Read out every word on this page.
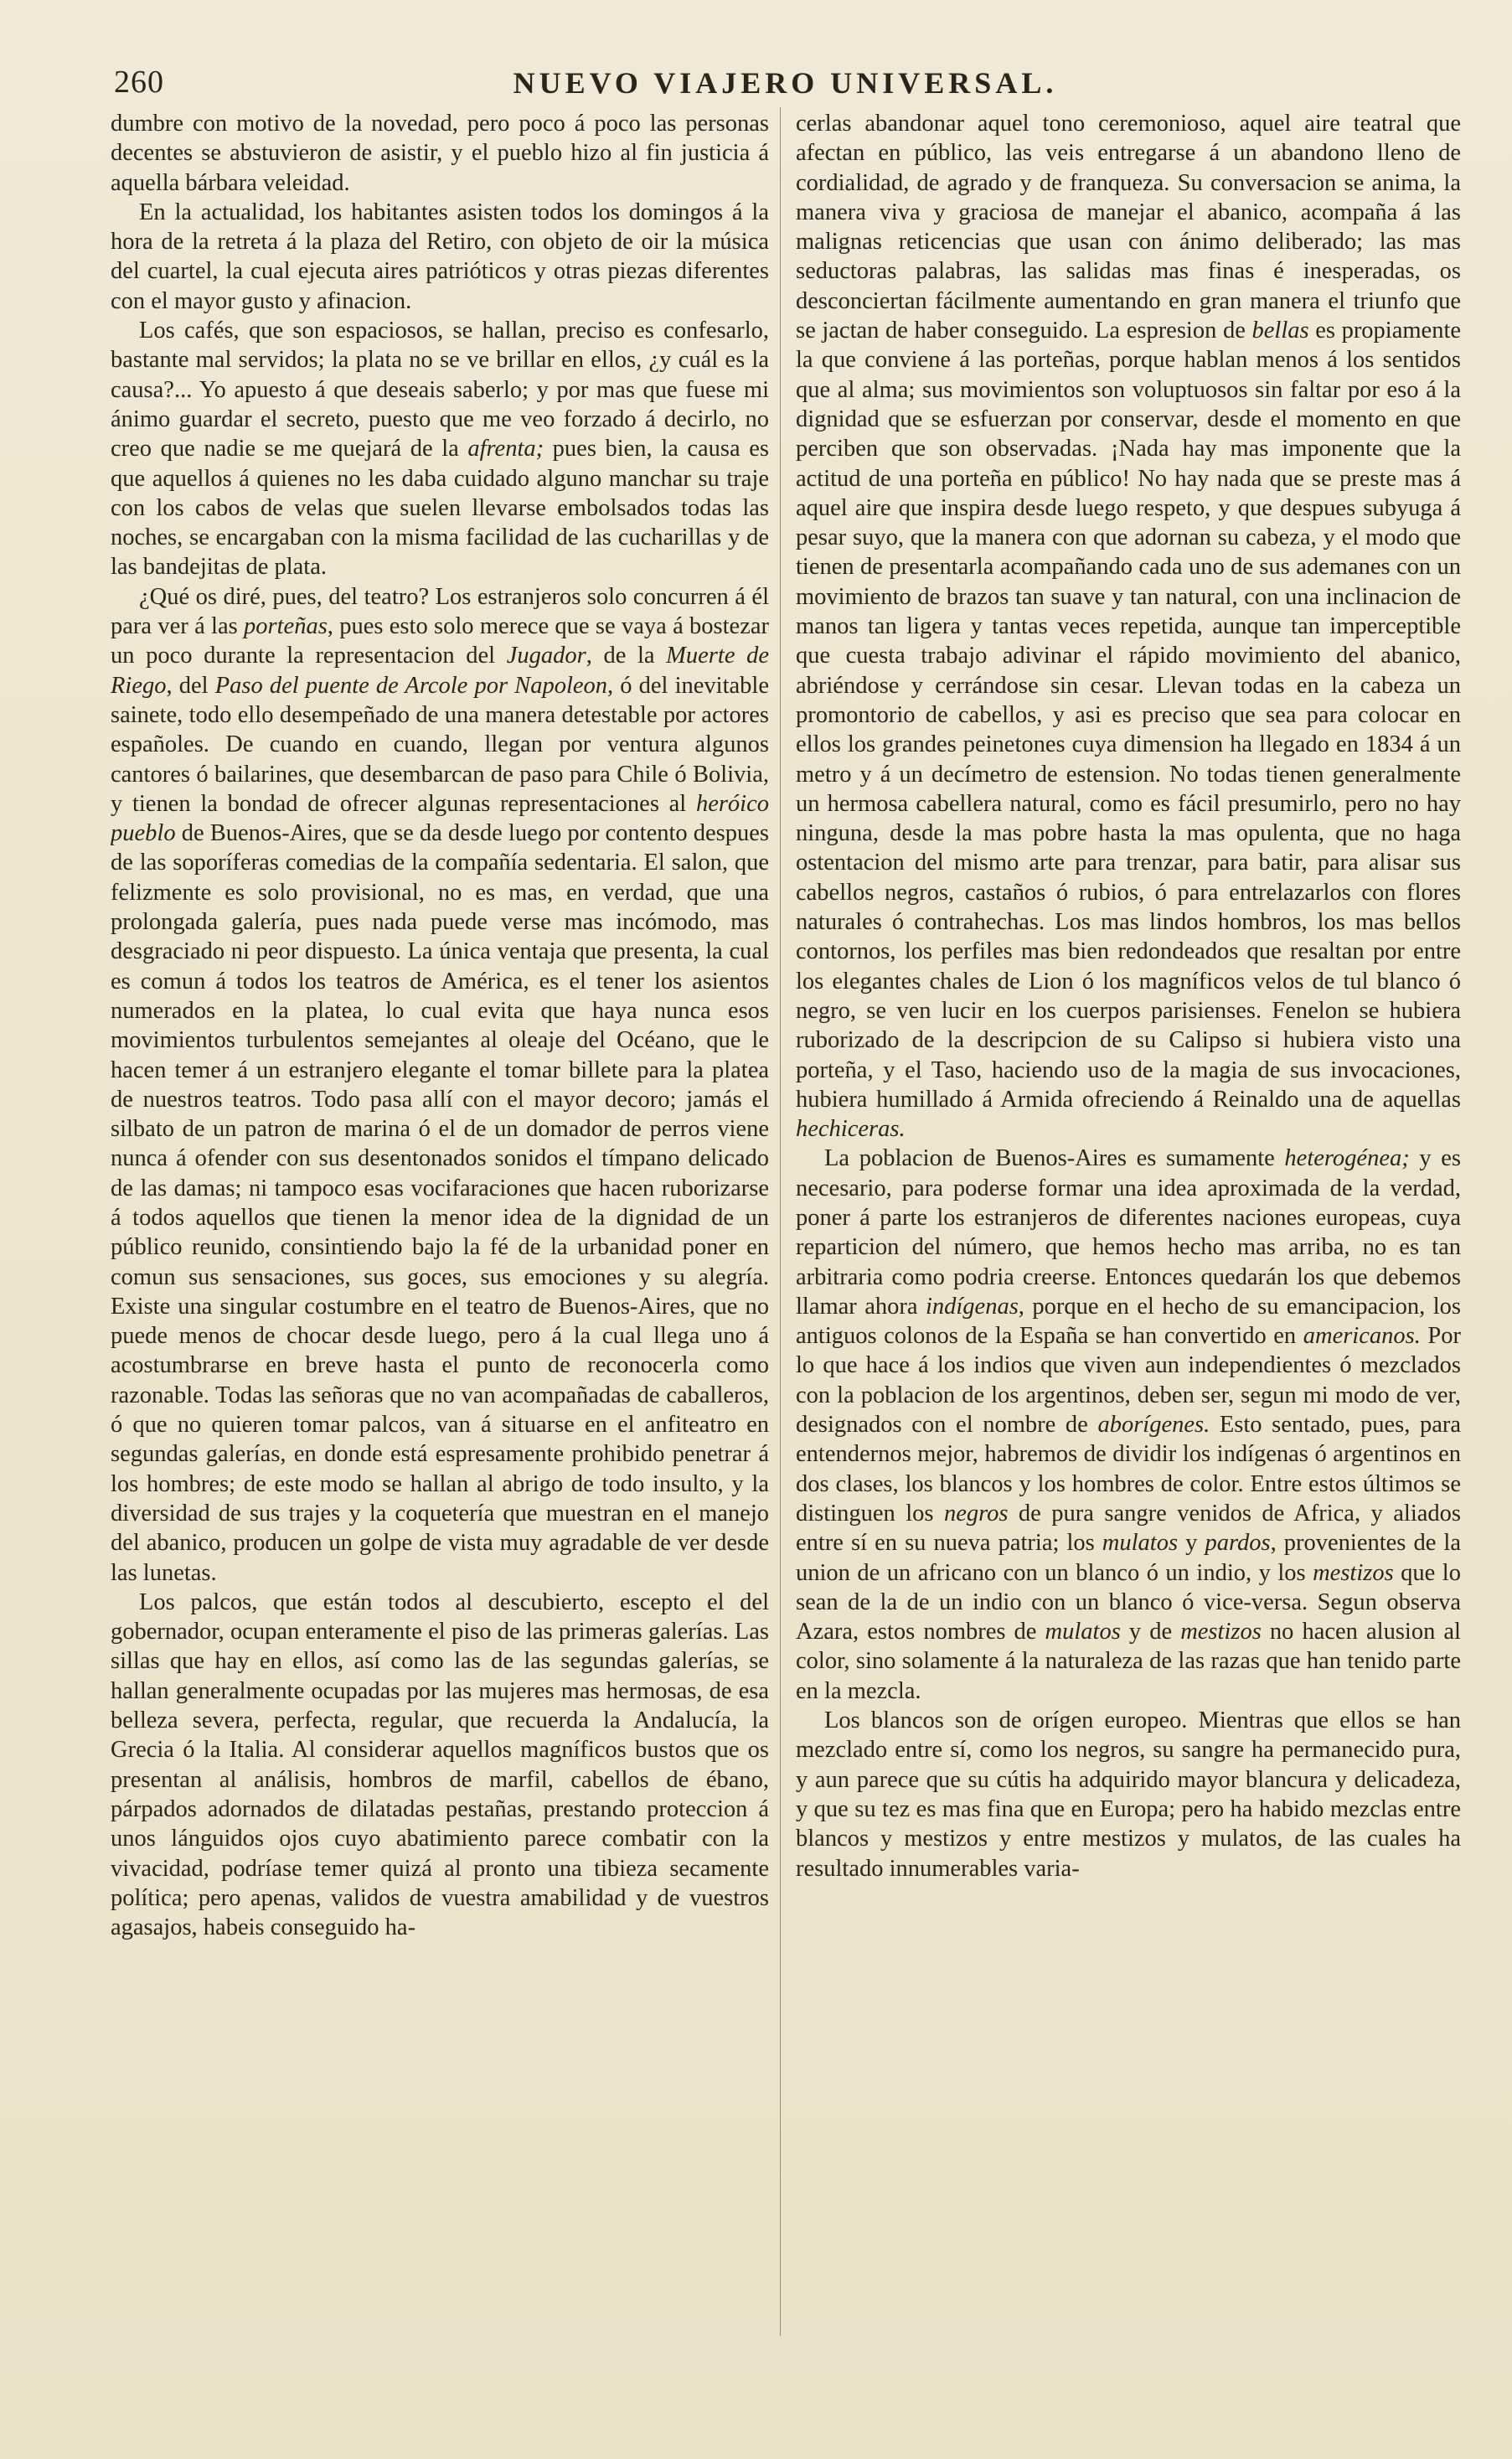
260	NUEVO VIAJERO UNIVERSAL.

dumbre con motivo de la novedad, pero poco á poco las personas decentes se abstuvieron de asistir, y el pueblo hizo al fin justicia á aquella bárbara veleidad.

En la actualidad, los habitantes asisten todos los domingos á la hora de la retreta á la plaza del Retiro, con objeto de oir la música del cuartel, la cual ejecuta aires patrióticos y otras piezas diferentes con el mayor gusto y afinacion.

Los cafés, que son espaciosos, se hallan, preciso es confesarlo, bastante mal servidos; la plata no se ve brillar en ellos, ¿y cuál es la causa?... Yo apuesto á que deseais saberlo; y por mas que fuese mi ánimo guardar el secreto, puesto que me veo forzado á decirlo, no creo que nadie se me quejará de la afrenta; pues bien, la causa es que aquellos á quienes no les daba cuidado alguno manchar su traje con los cabos de velas que suelen llevarse embolsados todas las noches, se encargaban con la misma facilidad de las cucharillas y de las bandejitas de plata.

¿Qué os diré, pues, del teatro? Los estranjeros solo concurren á él para ver á las porteñas, pues esto solo merece que se vaya á bostezar un poco durante la representacion del Jugador, de la Muerte de Riego, del Paso del puente de Arcole por Napoleon, ó del inevitable sainete, todo ello desempeñado de una manera detestable por actores españoles. De cuando en cuando, llegan por ventura algunos cantores ó bailarines, que desembarcan de paso para Chile ó Bolivia, y tienen la bondad de ofrecer algunas representaciones al heróico pueblo de Buenos-Aires, que se da desde luego por contento despues de las soporíferas comedias de la compañía sedentaria. El salon, que felizmente es solo provisional, no es mas, en verdad, que una prolongada galería, pues nada puede verse mas incómodo, mas desgraciado ni peor dispuesto. La única ventaja que presenta, la cual es comun á todos los teatros de América, es el tener los asientos numerados en la platea, lo cual evita que haya nunca esos movimientos turbulentos semejantes al oleaje del Océano, que le hacen temer á un estranjero elegante el tomar billete para la platea de nuestros teatros. Todo pasa allí con el mayor decoro; jamás el silbato de un patron de marina ó el de un domador de perros viene nunca á ofender con sus desentonados sonidos el tímpano delicado de las damas; ni tampoco esas vocifaraciones que hacen ruborizarse á todos aquellos que tienen la menor idea de la dignidad de un público reunido, consintiendo bajo la fé de la urbanidad poner en comun sus sensaciones, sus goces, sus emociones y su alegría. Existe una singular costumbre en el teatro de Buenos-Aires, que no puede menos de chocar desde luego, pero á la cual llega uno á acostumbrarse en breve hasta el punto de reconocerla como razonable. Todas las señoras que no van acompañadas de caballeros, ó que no quieren tomar palcos, van á situarse en el anfiteatro en segundas galerías, en donde está espresamente prohibido penetrar á los hombres; de este modo se hallan al abrigo de todo insulto, y la diversidad de sus trajes y la coquetería que muestran en el manejo del abanico, producen un golpe de vista muy agradable de ver desde las lunetas.

Los palcos, que están todos al descubierto, escepto el del gobernador, ocupan enteramente el piso de las primeras galerías. Las sillas que hay en ellos, así como las de las segundas galerías, se hallan generalmente ocupadas por las mujeres mas hermosas, de esa belleza severa, perfecta, regular, que recuerda la Andalucía, la Grecia ó la Italia. Al considerar aquellos magníficos bustos que os presentan al análisis, hombros de marfil, cabellos de ébano, párpados adornados de dilatadas pestañas, prestando proteccion á unos lánguidos ojos cuyo abatimiento parece combatir con la vivacidad, podríase temer quizá al pronto una tibieza secamente política; pero apenas, validos de vuestra amabilidad y de vuestros agasajos, habeis conseguido ha-

cerlas abandonar aquel tono ceremonioso, aquel aire teatral que afectan en público, las veis entregarse á un abandono lleno de cordialidad, de agrado y de franqueza. Su conversacion se anima, la manera viva y graciosa de manejar el abanico, acompaña á las malignas reticencias que usan con ánimo deliberado; las mas seductoras palabras, las salidas mas finas é inesperadas, os desconciertan fácilmente aumentando en gran manera el triunfo que se jactan de haber conseguido. La espresion de bellas es propiamente la que conviene á las porteñas, porque hablan menos á los sentidos que al alma; sus movimientos son voluptuosos sin faltar por eso á la dignidad que se esfuerzan por conservar, desde el momento en que perciben que son observadas. ¡Nada hay mas imponente que la actitud de una porteña en público! No hay nada que se preste mas á aquel aire que inspira desde luego respeto, y que despues subyuga á pesar suyo, que la manera con que adornan su cabeza, y el modo que tienen de presentarla acompañando cada uno de sus ademanes con un movimiento de brazos tan suave y tan natural, con una inclinacion de manos tan ligera y tantas veces repetida, aunque tan imperceptible que cuesta trabajo adivinar el rápido movimiento del abanico, abriéndose y cerrándose sin cesar. Llevan todas en la cabeza un promontorio de cabellos, y asi es preciso que sea para colocar en ellos los grandes peinetones cuya dimension ha llegado en 1834 á un metro y á un decímetro de estension. No todas tienen generalmente un hermosa cabellera natural, como es fácil presumirlo, pero no hay ninguna, desde la mas pobre hasta la mas opulenta, que no haga ostentacion del mismo arte para trenzar, para batir, para alisar sus cabellos negros, castaños ó rubios, ó para entrelazarlos con flores naturales ó contrahechas. Los mas lindos hombros, los mas bellos contornos, los perfiles mas bien redondeados que resaltan por entre los elegantes chales de Lion ó los magníficos velos de tul blanco ó negro, se ven lucir en los cuerpos parisienses. Fenelon se hubiera ruborizado de la descripcion de su Calipso si hubiera visto una porteña, y el Taso, haciendo uso de la magia de sus invocaciones, hubiera humillado á Armida ofreciendo á Reinaldo una de aquellas hechiceras.

La poblacion de Buenos-Aires es sumamente heterogénea; y es necesario, para poderse formar una idea aproximada de la verdad, poner á parte los estranjeros de diferentes naciones europeas, cuya reparticion del número, que hemos hecho mas arriba, no es tan arbitraria como podria creerse. Entonces quedarán los que debemos llamar ahora indígenas, porque en el hecho de su emancipacion, los antiguos colonos de la España se han convertido en americanos. Por lo que hace á los indios que viven aun independientes ó mezclados con la poblacion de los argentinos, deben ser, segun mi modo de ver, designados con el nombre de aborígenes. Esto sentado, pues, para entendernos mejor, habremos de dividir los indígenas ó argentinos en dos clases, los blancos y los hombres de color. Entre estos últimos se distinguen los negros de pura sangre venidos de Africa, y aliados entre sí en su nueva patria; los mulatos y pardos, provenientes de la union de un africano con un blanco ó un indio, y los mestizos que lo sean de la de un indio con un blanco ó vice-versa. Segun observa Azara, estos nombres de mulatos y de mestizos no hacen alusion al color, sino solamente á la naturaleza de las razas que han tenido parte en la mezcla.

Los blancos son de orígen europeo. Mientras que ellos se han mezclado entre sí, como los negros, su sangre ha permanecido pura, y aun parece que su cútis ha adquirido mayor blancura y delicadeza, y que su tez es mas fina que en Europa; pero ha habido mezclas entre blancos y mestizos y entre mestizos y mulatos, de las cuales ha resultado innumerables varia-
